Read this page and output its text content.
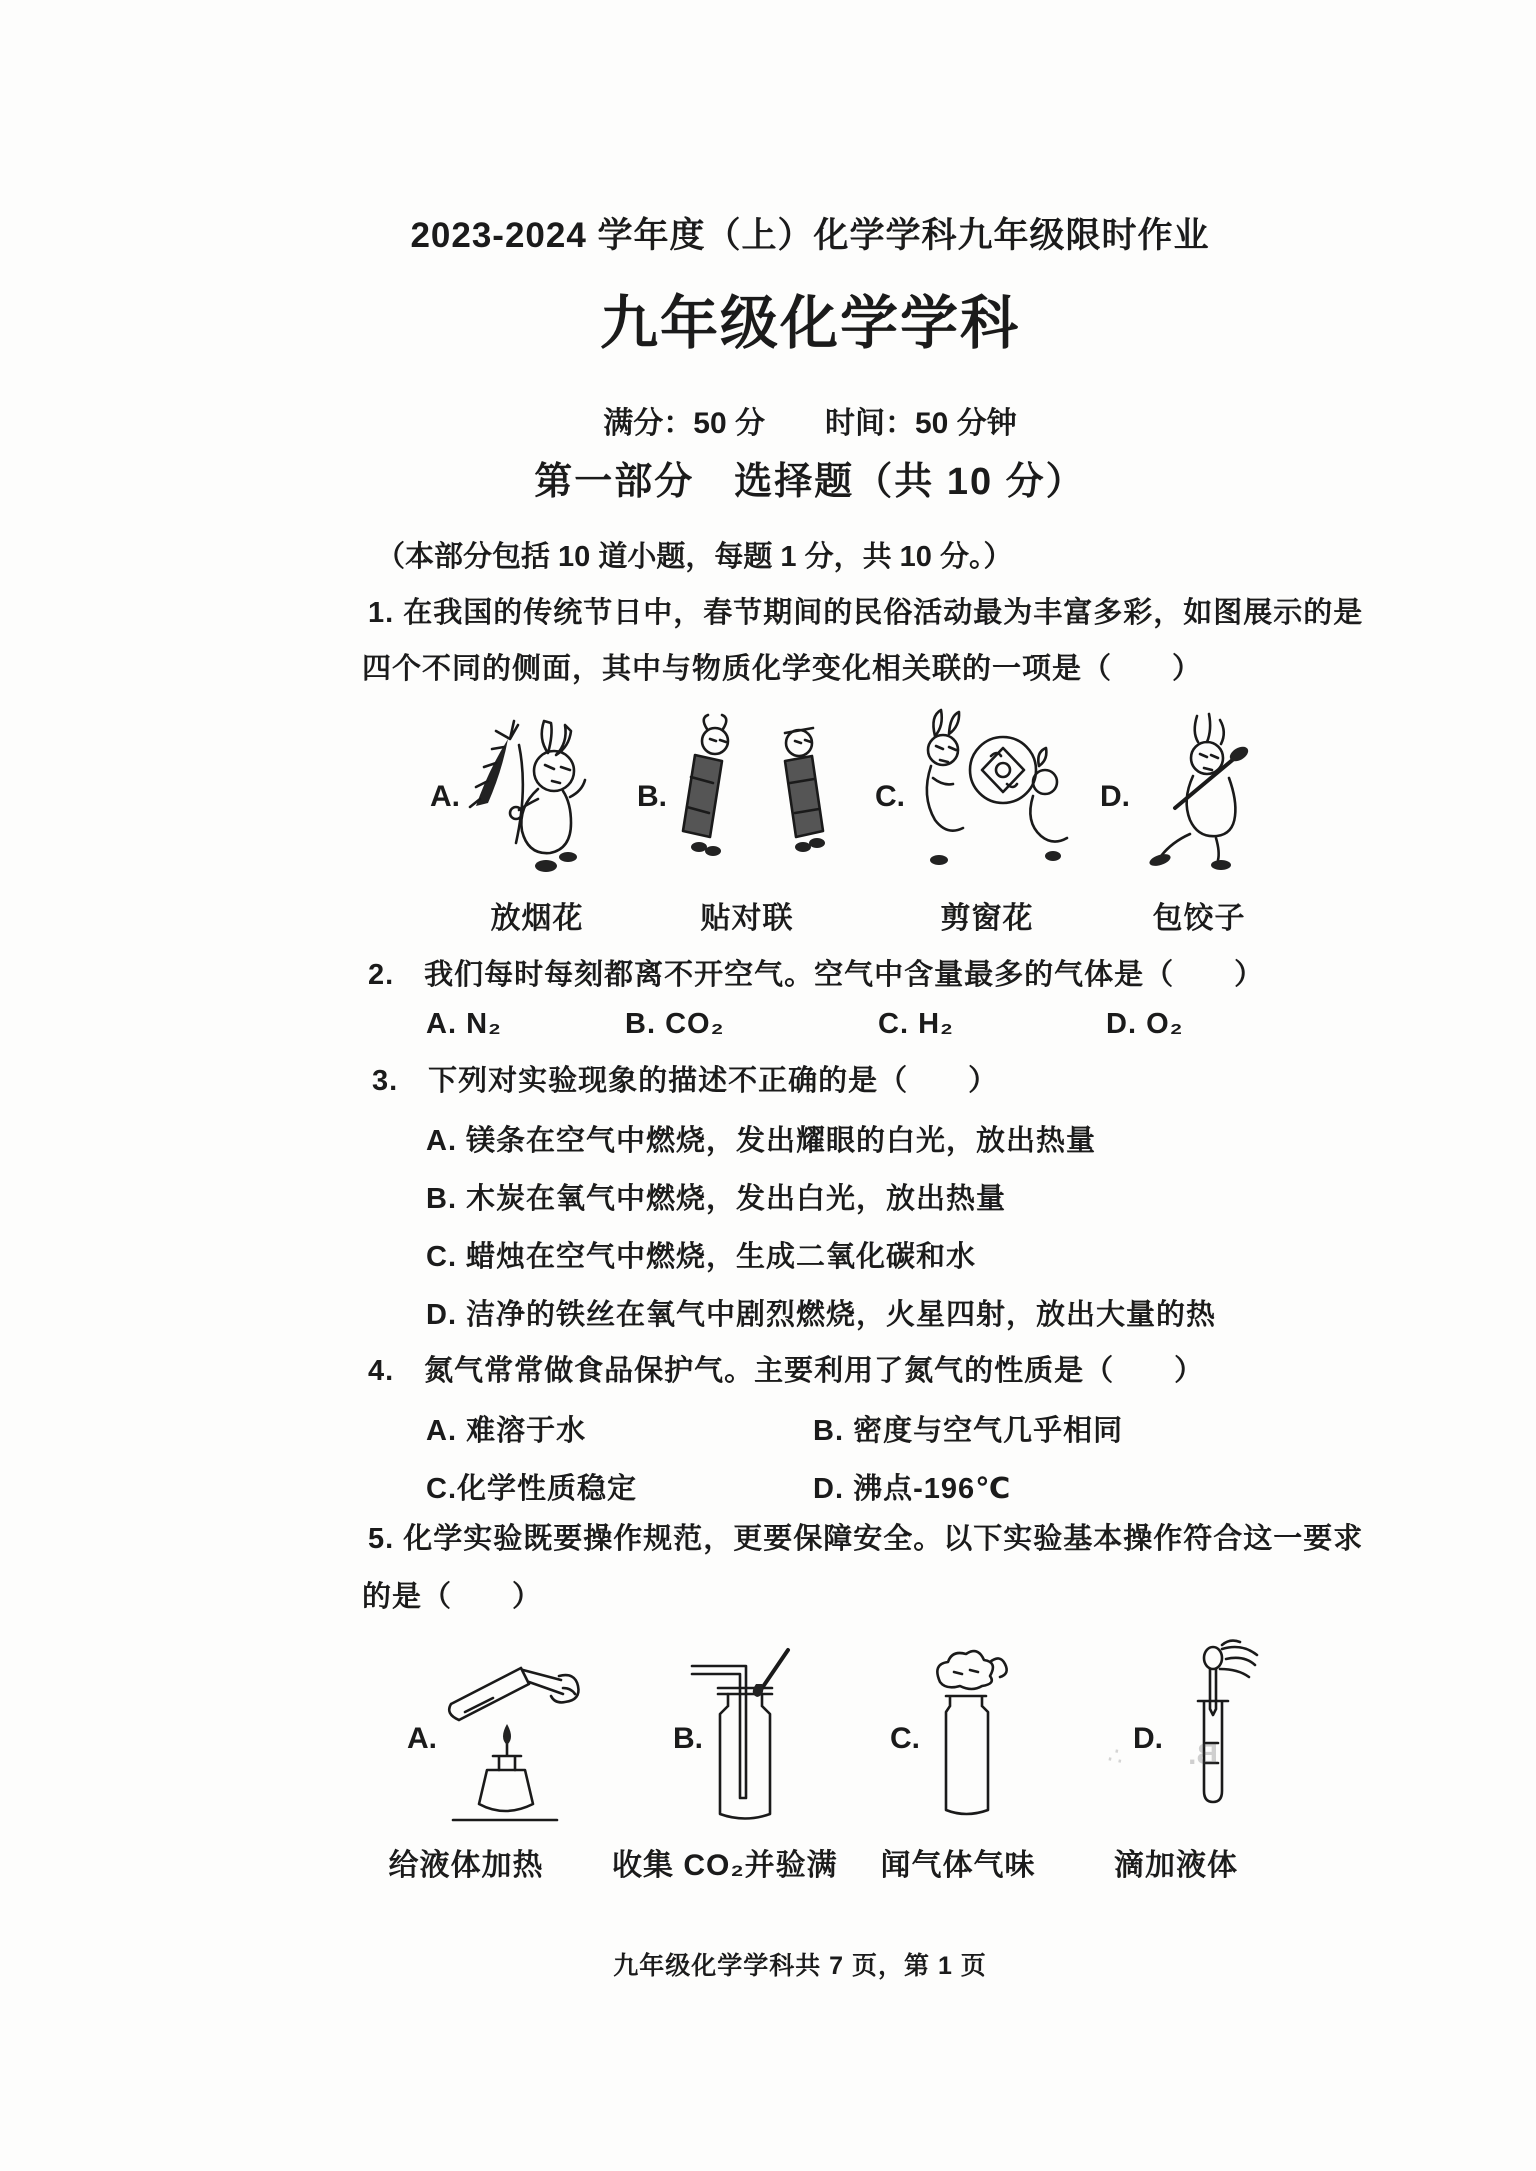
2023-2024 学年度（上）化学学科九年级限时作业
九年级化学学科
满分：50 分　　时间：50 分钟
第一部分　选择题（共 10 分）
（本部分包括 10 道小题，每题 1 分，共 10 分。）
1. 在我国的传统节日中，春节期间的民俗活动最为丰富多彩，如图展示的是
四个不同的侧面，其中与物质化学变化相关联的一项是（　　）
A.
放烟花
B.
贴对联
C.
剪窗花
D.
包饺子
2.　我们每时每刻都离不开空气。空气中含量最多的气体是（　　）
A. N₂	B. CO₂	C. H₂	D. O₂
3.　下列对实验现象的描述不正确的是（　　）
A. 镁条在空气中燃烧，发出耀眼的白光，放出热量
B. 木炭在氧气中燃烧，发出白光，放出热量
C. 蜡烛在空气中燃烧，生成二氧化碳和水
D. 洁净的铁丝在氧气中剧烈燃烧，火星四射，放出大量的热
4.　氮气常常做食品保护气。主要利用了氮气的性质是（　　）
A. 难溶于水	B. 密度与空气几乎相同
C.化学性质稳定	D. 沸点-196℃
5. 化学实验既要操作规范，更要保障安全。以下实验基本操作符合这一要求
的是（　　）
A.
给液体加热
B.
收集 CO₂并验满
C.
闻气体气味
D.
滴加液体
B.
∴
九年级化学学科共 7 页，第 1 页
